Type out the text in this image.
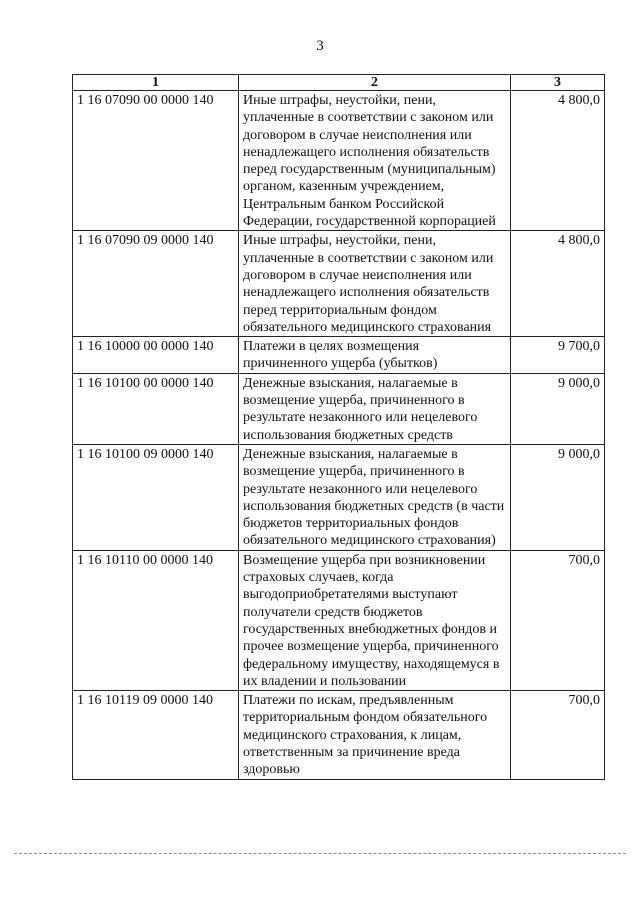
3
1	2	3
1 16 07090 00 0000 140	Иные штрафы, неустойки, пени, уплаченные в соответствии с законом или договором в случае неисполнения или ненадлежащего исполнения обязательств перед государственным (муниципальным) органом, казенным учреждением, Центральным банком Российской Федерации, государственной корпорацией	4 800,0
1 16 07090 09 0000 140	Иные штрафы, неустойки, пени, уплаченные в соответствии с законом или договором в случае неисполнения или ненадлежащего исполнения обязательств перед территориальным фондом обязательного медицинского страхования	4 800,0
1 16 10000 00 0000 140	Платежи в целях возмещения причиненного ущерба (убытков)	9 700,0
1 16 10100 00 0000 140	Денежные взыскания, налагаемые в возмещение ущерба, причиненного в результате незаконного или нецелевого использования бюджетных средств	9 000,0
1 16 10100 09 0000 140	Денежные взыскания, налагаемые в возмещение ущерба, причиненного в результате незаконного или нецелевого использования бюджетных средств (в части бюджетов территориальных фондов обязательного медицинского страхования)	9 000,0
1 16 10110 00 0000 140	Возмещение ущерба при возникновении страховых случаев, когда выгодоприобретателями выступают получатели средств бюджетов государственных внебюджетных фондов и прочее возмещение ущерба, причиненного федеральному имуществу, находящемуся в их владении и пользовании	700,0
1 16 10119 09 0000 140	Платежи по искам, предъявленным территориальным фондом обязательного медицинского страхования, к лицам, ответственным за причинение вреда здоровью	700,0
